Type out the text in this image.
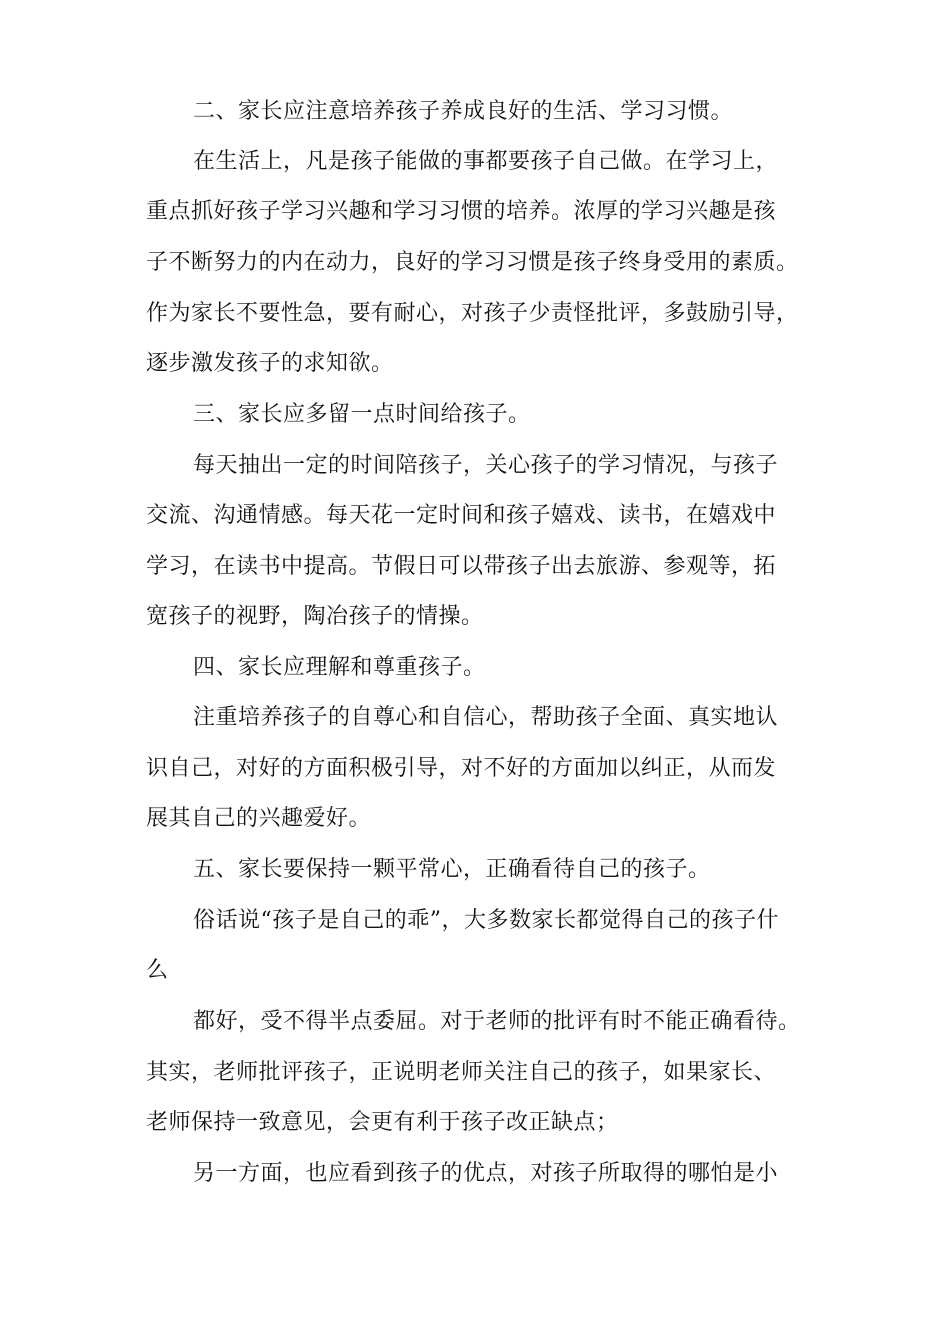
二、家长应注意培养孩子养成良好的生活、学习习惯。
在生活上，凡是孩子能做的事都要孩子自己做。在学习上，
重点抓好孩子学习兴趣和学习习惯的培养。浓厚的学习兴趣是孩
子不断努力的内在动力，良好的学习习惯是孩子终身受用的素质。
作为家长不要性急，要有耐心，对孩子少责怪批评，多鼓励引导，
逐步激发孩子的求知欲。
三、家长应多留一点时间给孩子。
每天抽出一定的时间陪孩子，关心孩子的学习情况，与孩子
交流、沟通情感。每天花一定时间和孩子嬉戏、读书，在嬉戏中
学习，在读书中提高。节假日可以带孩子出去旅游、参观等，拓
宽孩子的视野，陶冶孩子的情操。
四、家长应理解和尊重孩子。
注重培养孩子的自尊心和自信心，帮助孩子全面、真实地认
识自己，对好的方面积极引导，对不好的方面加以纠正，从而发
展其自己的兴趣爱好。
五、家长要保持一颗平常心，正确看待自己的孩子。
俗话说“孩子是自己的乖”，大多数家长都觉得自己的孩子什
么
都好，受不得半点委屈。对于老师的批评有时不能正确看待。
其实，老师批评孩子，正说明老师关注自己的孩子，如果家长、
老师保持一致意见，会更有利于孩子改正缺点；
另一方面，也应看到孩子的优点，对孩子所取得的哪怕是小
